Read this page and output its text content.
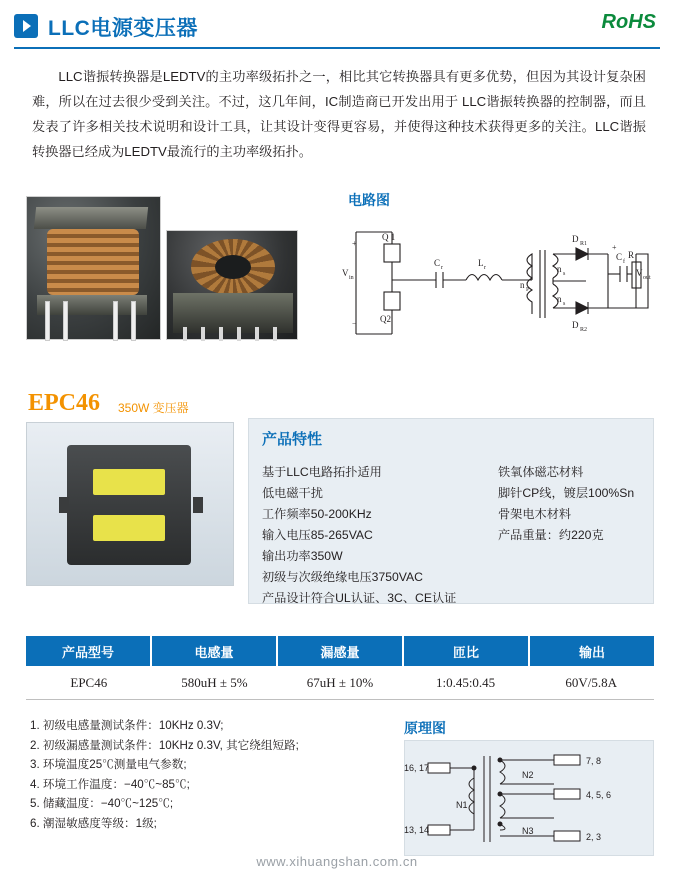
LLC电源变压器	RoHS

LLC谐振转换器是LEDTV的主功率级拓扑之一，相比其它转换器具有更多优势，但因为其设计复杂困难，所以在过去很少受到关注。不过，这几年间，IC制造商已开发出用于 LLC谐振转换器的控制器，而且发表了许多相关技术说明和设计工具，让其设计变得更容易，并使得这种技术获得更多的关注。LLC谐振转换器已经成为LEDTV最流行的主功率级拓扑。

电路图
V in
Q 1
Q2
C r	L r
n P
n s
n s
D R1
D R2
C f
R
V out
+
+
−
EPC46 350W 变压器
产品特性
基于LLC电路拓扑适用
低电磁干扰
工作频率50-200KHz
输入电压85-265VAC
输出功率350W
初级与次级绝缘电压3750VAC
产品设计符合UL认证、3C、CE认证
铁氧体磁芯材料
脚针CP线，镀层100%Sn
骨架电木材料
产品重量：约220克
产品型号	电感量	漏感量	匝比	输出
EPC46	580uH ± 5%	67uH ± 10%	1:0.45:0.45	60V/5.8A
1. 初级电感量测试条件：10KHz 0.3V;
2. 初级漏感量测试条件：10KHz 0.3V, 其它绕组短路;
3. 环境温度25℃测量电气参数;
4. 环境工作温度：−40℃~85℃;
5. 储藏温度：−40℃~125℃;
6. 潮湿敏感度等级：1级;
原理图
16, 17
13, 14
7, 8
4, 5, 6
2, 3
N1
N2
N3
www.xihuangshan.com.cn
